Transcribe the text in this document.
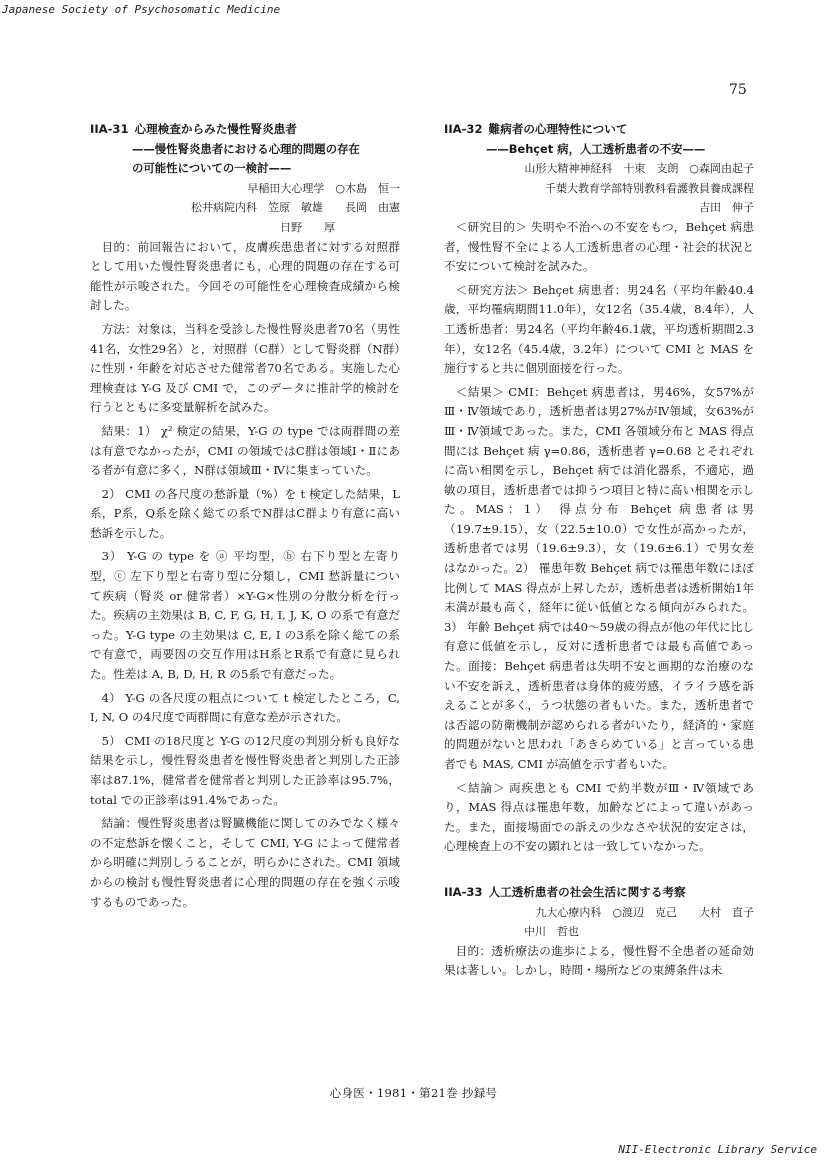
Japanese Society of Psychosomatic Medicine
75
IIA-31 心理検査からみた慢性腎炎患者
——慢性腎炎患者における心理的問題の存在
の可能性についての一検討——
早稲田大心理学　○木島　恒一
松井病院内科　笠原　敏雄　　長岡　由憲
日野　　厚

目的：前回報告において，皮膚疾患患者に対する対照群として用いた慢性腎炎患者にも，心理的問題の存在する可能性が示唆された。今回その可能性を心理検査成績から検討した。

方法：対象は，当科を受診した慢性腎炎患者70名（男性41名，女性29名）と，対照群（C群）として腎炎群（N群）に性別・年齢を対応させた健常者70名である。実施した心理検査は Y-G 及び CMI で，このデータに推計学的検討を行うとともに多変量解析を試みた。

結果：1） χ² 検定の結果，Y-G の type では両群間の差は有意でなかったが，CMI の領域ではC群は領域Ⅰ・Ⅱにある者が有意に多く，N群は領域Ⅲ・Ⅳに集まっていた。

2） CMI の各尺度の愁訴量（%）を t 検定した結果，L系，P系，Q系を除く総ての系でN群はC群より有意に高い愁訴を示した。

3） Y-G の type を ⓐ 平均型，ⓑ 右下り型と左寄り型，ⓒ 左下り型と右寄り型に分類し，CMI 愁訴量について疾病（腎炎 or 健常者）×Y-G×性別の分散分析を行った。疾病の主効果は B, C, F, G, H, I, J, K, O の系で有意だった。Y-G type の主効果は C, E, I の3系を除く総ての系で有意で，両要因の交互作用はH系とR系で有意に見られた。性差は A, B, D, H, R の5系で有意だった。

4） Y-G の各尺度の粗点について t 検定したところ，C, I, N, O の4尺度で両群間に有意な差が示された。

5） CMI の18尺度と Y-G の12尺度の判別分析も良好な結果を示し，慢性腎炎患者を慢性腎炎患者と判別した正診率は87.1%，健常者を健常者と判別した正診率は95.7%，total での正診率は91.4%であった。

結論：慢性腎炎患者は腎臓機能に関してのみでなく様々の不定愁訴を懐くこと，そして CMI, Y-G によって健常者から明確に判別しうることが，明らかにされた。CMI 領域からの検討も慢性腎炎患者に心理的問題の存在を強く示唆するものであった。

IIA-32 難病者の心理特性について
——Behçet 病，人工透析患者の不安——
山形大精神神経科　十束　支朗　○森岡由起子
千葉大教育学部特別教科看護教員養成課程
吉田　伸子

＜研究目的＞ 失明や不治への不安をもつ，Behçet 病患者，慢性腎不全による人工透析患者の心理・社会的状況と不安について検討を試みた。

＜研究方法＞ Behçet 病患者：男24名（平均年齢40.4歳，平均罹病期間11.0年），女12名（35.4歳，8.4年），人工透析患者：男24名（平均年齢46.1歳，平均透析期間2.3年），女12名（45.4歳，3.2年）について CMI と MAS を施行すると共に個別面接を行った。

＜結果＞ CMI：Behçet 病患者は，男46%，女57%がⅢ・Ⅳ領域であり，透析患者は男27%がⅣ領域，女63%がⅢ・Ⅳ領域であった。また，CMI 各領域分布と MAS 得点間には Behçet 病 γ=0.86，透析患者 γ=0.68 とそれぞれに高い相関を示し，Behçet 病では消化器系，不適応，過敏の項目，透析患者では抑うつ項目と特に高い相関を示した。MAS：1） 得点分布 Behçet 病患者は男（19.7±9.15），女（22.5±10.0）で女性が高かったが，透析患者では男（19.6±9.3），女（19.6±6.1）で男女差はなかった。2） 罹患年数 Behçet 病では罹患年数にほぼ比例して MAS 得点が上昇したが，透析患者は透析開始1年未満が最も高く，経年に従い低値となる傾向がみられた。3） 年齢 Behçet 病では40〜59歳の得点が他の年代に比し有意に低値を示し，反対に透析患者では最も高値であった。面接：Behçet 病患者は失明不安と画期的な治療のない不安を訴え，透析患者は身体的疲労感，イライラ感を訴えることが多く，うつ状態の者もいた。また，透析患者では否認の防衛機制が認められる者がいたり，経済的・家庭的問題がないと思われ「あきらめている」と言っている患者でも MAS, CMI が高値を示す者もいた。

＜結論＞ 両疾患とも CMI で約半数がⅢ・Ⅳ領域であり，MAS 得点は罹患年数，加齢などによって違いがあった。また，面接場面での訴えの少なさや状況的安定さは，心理検査上の不安の顕れとは一致していなかった。

IIA-33 人工透析患者の社会生活に関する考察
九大心療内科　○渡辺　克己　　大村　直子
中川　哲也

目的：透析療法の進歩による，慢性腎不全患者の延命効果は著しい。しかし，時間・場所などの束縛条件は未

心身医・1981・第21巻 抄録号
NII-Electronic Library Service
